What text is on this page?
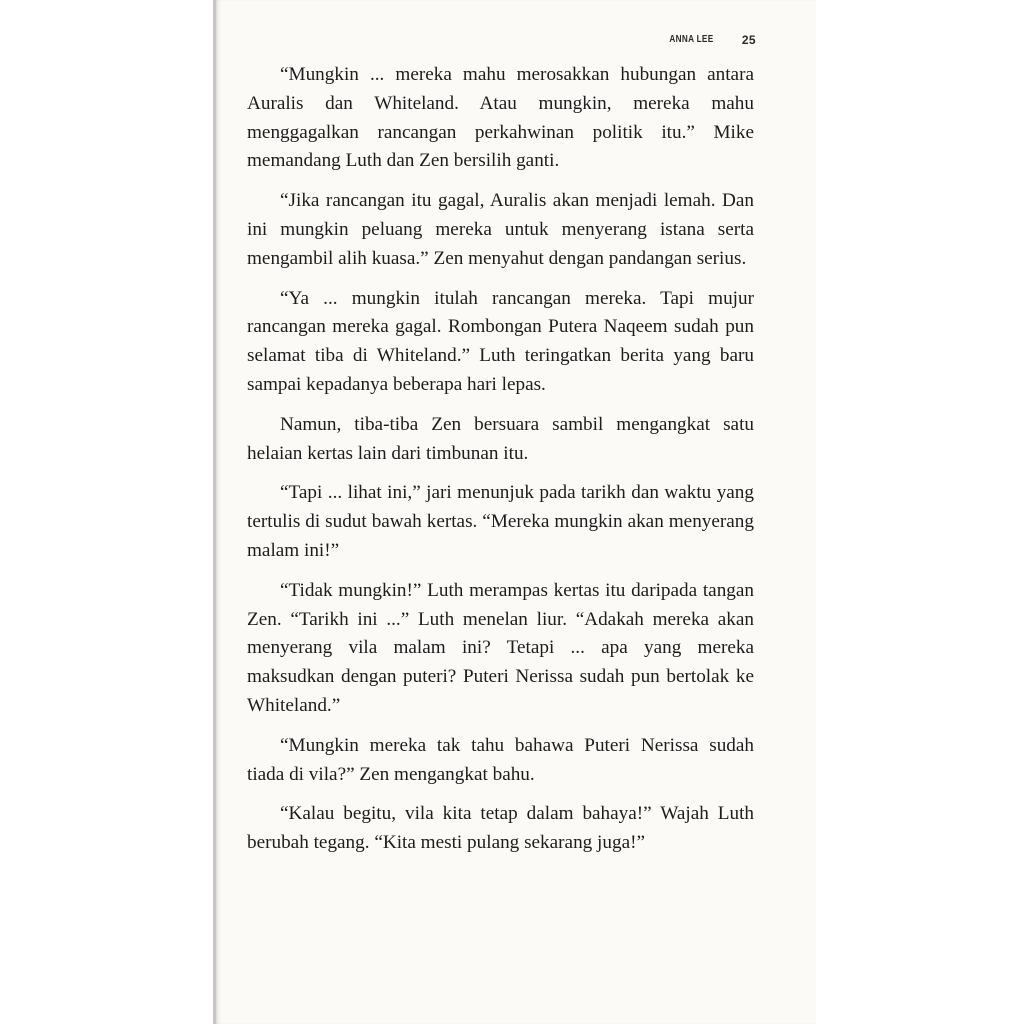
ANNA LEE 25

“Mungkin ... mereka mahu merosakkan hubungan antara Auralis dan Whiteland. Atau mungkin, mereka mahu menggagalkan rancangan perkahwinan politik itu.” Mike memandang Luth dan Zen bersilih ganti.

“Jika rancangan itu gagal, Auralis akan menjadi lemah. Dan ini mungkin peluang mereka untuk menyerang istana serta mengambil alih kuasa.” Zen menyahut dengan pandangan serius.

“Ya ... mungkin itulah rancangan mereka. Tapi mujur rancangan mereka gagal. Rombongan Putera Naqeem sudah pun selamat tiba di Whiteland.” Luth teringatkan berita yang baru sampai kepadanya beberapa hari lepas.

Namun, tiba-tiba Zen bersuara sambil mengangkat satu helaian kertas lain dari timbunan itu.

“Tapi ... lihat ini,” jari menunjuk pada tarikh dan waktu yang tertulis di sudut bawah kertas. “Mereka mungkin akan menyerang malam ini!”

“Tidak mungkin!” Luth merampas kertas itu daripada tangan Zen. “Tarikh ini ...” Luth menelan liur. “Adakah mereka akan menyerang vila malam ini? Tetapi ... apa yang mereka maksudkan dengan puteri? Puteri Nerissa sudah pun bertolak ke Whiteland.”

“Mungkin mereka tak tahu bahawa Puteri Nerissa sudah tiada di vila?” Zen mengangkat bahu.

“Kalau begitu, vila kita tetap dalam bahaya!” Wajah Luth berubah tegang. “Kita mesti pulang sekarang juga!”
